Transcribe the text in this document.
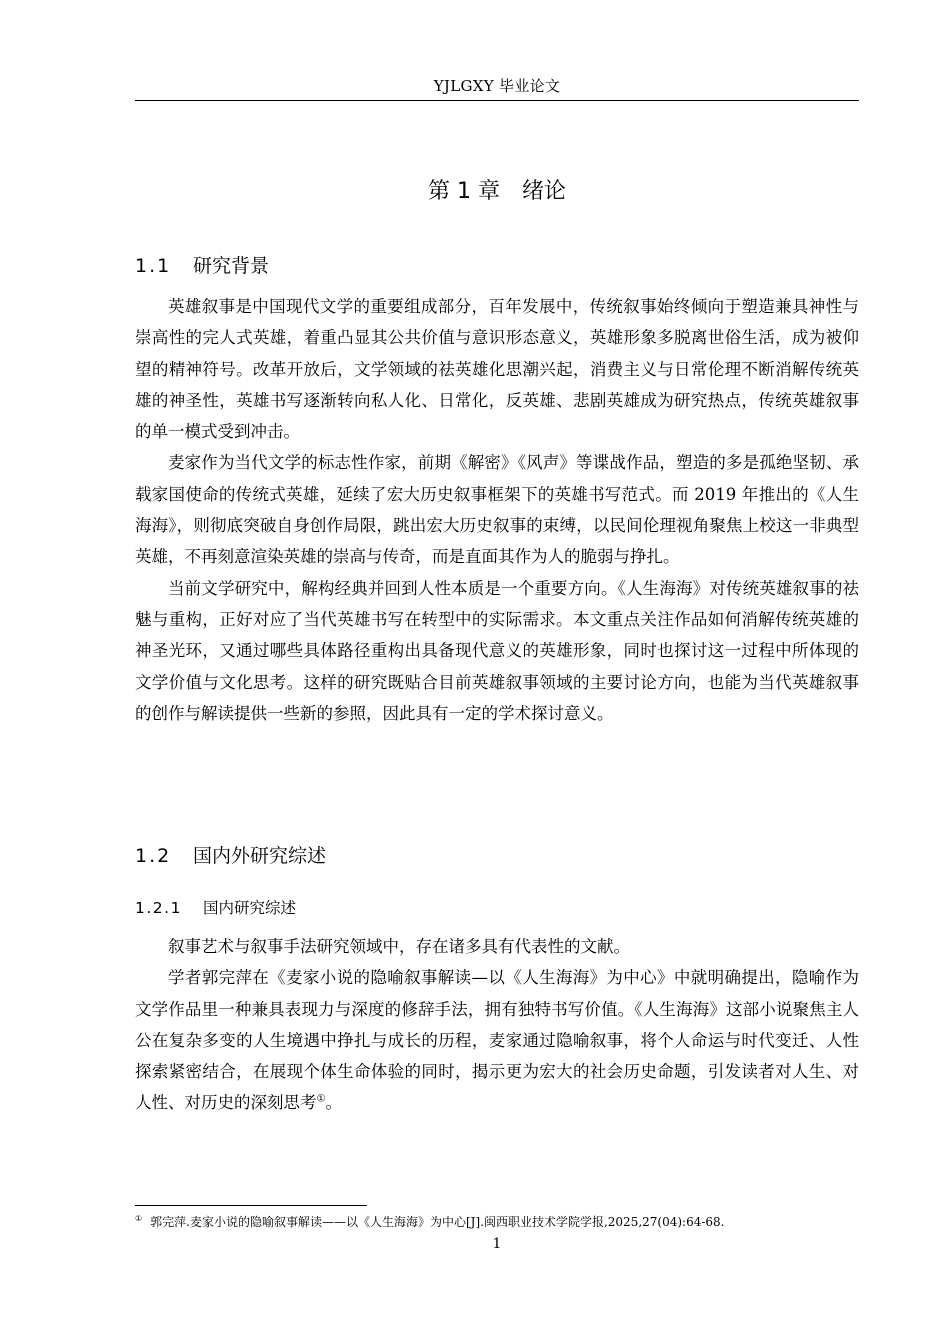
YJLGXY 毕业论文
第 1 章 绪论
1.1 研究背景

英雄叙事是中国现代文学的重要组成部分，百年发展中，传统叙事始终倾向于塑造兼具神性与崇高性的完人式英雄，着重凸显其公共价值与意识形态意义，英雄形象多脱离世俗生活，成为被仰望的精神符号。改革开放后，文学领域的祛英雄化思潮兴起，消费主义与日常伦理不断消解传统英雄的神圣性，英雄书写逐渐转向私人化、日常化，反英雄、悲剧英雄成为研究热点，传统英雄叙事的单一模式受到冲击。

麦家作为当代文学的标志性作家，前期《解密》《风声》等谍战作品，塑造的多是孤绝坚韧、承载家国使命的传统式英雄，延续了宏大历史叙事框架下的英雄书写范式。而 2019 年推出的《人生海海》，则彻底突破自身创作局限，跳出宏大历史叙事的束缚，以民间伦理视角聚焦上校这一非典型英雄，不再刻意渲染英雄的崇高与传奇，而是直面其作为人的脆弱与挣扎。

当前文学研究中，解构经典并回到人性本质是一个重要方向。《人生海海》对传统英雄叙事的祛魅与重构，正好对应了当代英雄书写在转型中的实际需求。本文重点关注作品如何消解传统英雄的神圣光环，又通过哪些具体路径重构出具备现代意义的英雄形象，同时也探讨这一过程中所体现的文学价值与文化思考。这样的研究既贴合目前英雄叙事领域的主要讨论方向，也能为当代英雄叙事的创作与解读提供一些新的参照，因此具有一定的学术探讨意义。

1.2 国内外研究综述
1.2.1 国内研究综述

叙事艺术与叙事手法研究领域中，存在诸多具有代表性的文献。

学者郭完萍在《麦家小说的隐喻叙事解读—以《人生海海》为中心》中就明确提出，隐喻作为文学作品里一种兼具表现力与深度的修辞手法，拥有独特书写价值。《人生海海》这部小说聚焦主人公在复杂多变的人生境遇中挣扎与成长的历程，麦家通过隐喻叙事，将个人命运与时代变迁、人性探索紧密结合，在展现个体生命体验的同时，揭示更为宏大的社会历史命题，引发读者对人生、对人性、对历史的深刻思考①。

① 郭完萍.麦家小说的隐喻叙事解读——以《人生海海》为中心[J].闽西职业技术学院学报,2025,27(04):64-68.
1
